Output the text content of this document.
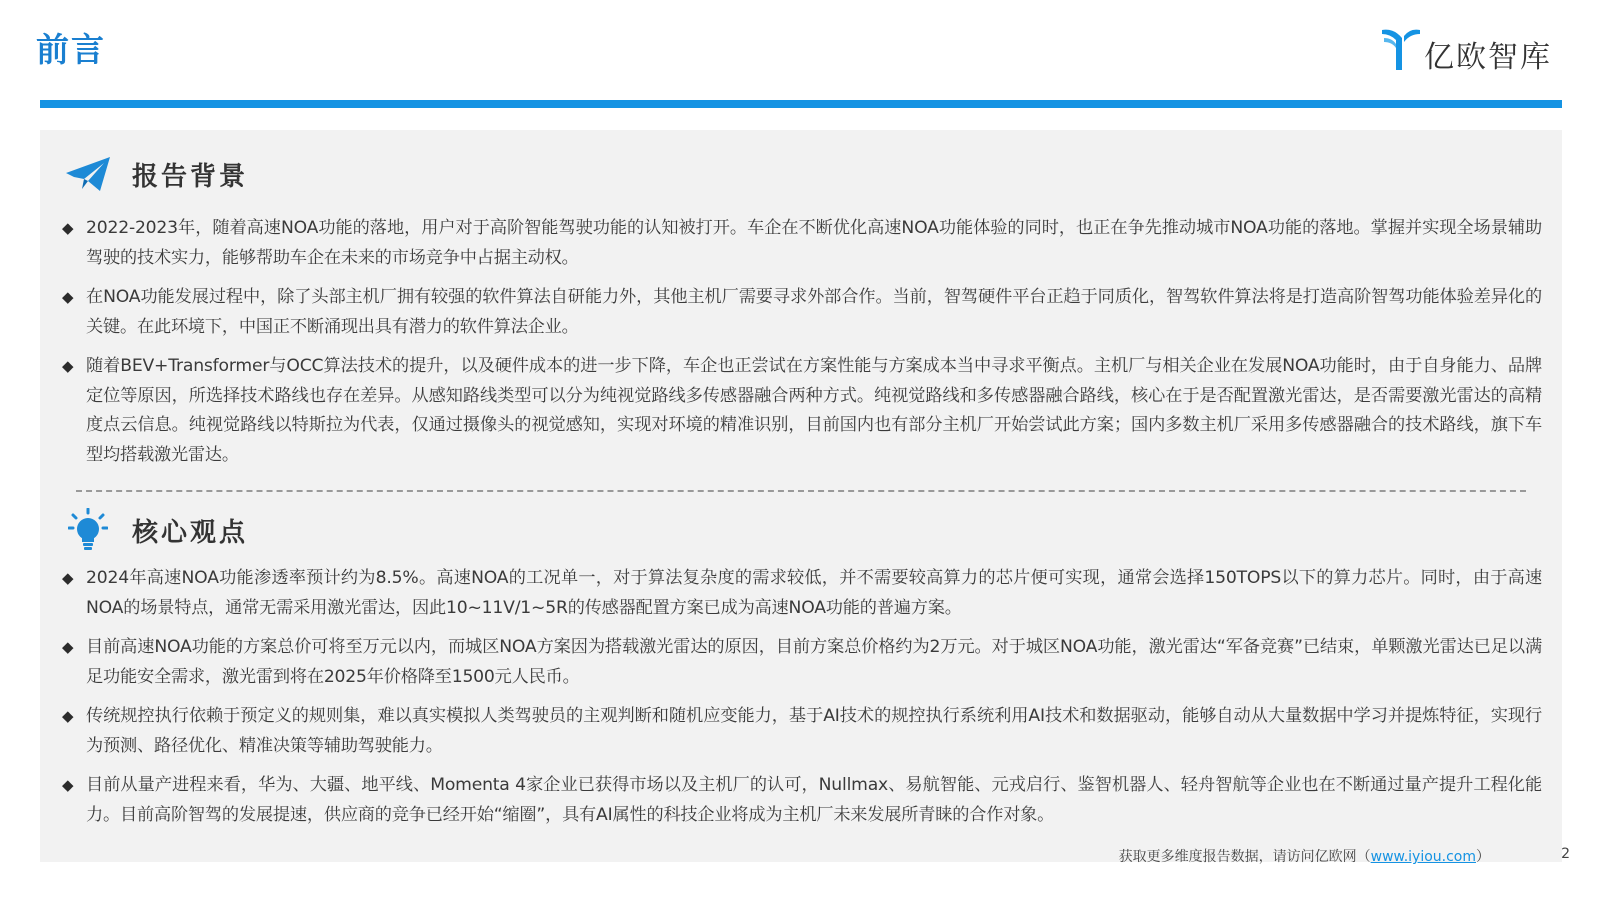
前言	亿欧智库
报告背景
◆ 2022-2023年，随着高速NOA功能的落地，用户对于高阶智能驾驶功能的认知被打开。车企在不断优化高速NOA功能体验的同时，也正在争先推动城市NOA功能的落地。掌握并实现全场景辅助驾驶的技术实力，能够帮助车企在未来的市场竞争中占据主动权。
◆ 在NOA功能发展过程中，除了头部主机厂拥有较强的软件算法自研能力外，其他主机厂需要寻求外部合作。当前，智驾硬件平台正趋于同质化，智驾软件算法将是打造高阶智驾功能体验差异化的关键。在此环境下，中国正不断涌现出具有潜力的软件算法企业。
◆ 随着BEV+Transformer与OCC算法技术的提升，以及硬件成本的进一步下降，车企也正尝试在方案性能与方案成本当中寻求平衡点。主机厂与相关企业在发展NOA功能时，由于自身能力、品牌定位等原因，所选择技术路线也存在差异。从感知路线类型可以分为纯视觉路线多传感器融合两种方式。纯视觉路线和多传感器融合路线，核心在于是否配置激光雷达，是否需要激光雷达的高精度点云信息。纯视觉路线以特斯拉为代表，仅通过摄像头的视觉感知，实现对环境的精准识别，目前国内也有部分主机厂开始尝试此方案；国内多数主机厂采用多传感器融合的技术路线，旗下车型均搭载激光雷达。
核心观点
◆ 2024年高速NOA功能渗透率预计约为8.5%。高速NOA的工况单一，对于算法复杂度的需求较低，并不需要较高算力的芯片便可实现，通常会选择150TOPS以下的算力芯片。同时，由于高速NOA的场景特点，通常无需采用激光雷达，因此10~11V/1~5R的传感器配置方案已成为高速NOA功能的普遍方案。
◆ 目前高速NOA功能的方案总价可将至万元以内，而城区NOA方案因为搭载激光雷达的原因，目前方案总价格约为2万元。对于城区NOA功能，激光雷达“军备竞赛”已结束，单颗激光雷达已足以满足功能安全需求，激光雷到将在2025年价格降至1500元人民币。
◆ 传统规控执行依赖于预定义的规则集，难以真实模拟人类驾驶员的主观判断和随机应变能力，基于AI技术的规控执行系统利用AI技术和数据驱动，能够自动从大量数据中学习并提炼特征，实现行为预测、路径优化、精准决策等辅助驾驶能力。
◆ 目前从量产进程来看，华为、大疆、地平线、Momenta 4家企业已获得市场以及主机厂的认可，Nullmax、易航智能、元戎启行、鉴智机器人、轻舟智航等企业也在不断通过量产提升工程化能力。目前高阶智驾的发展提速，供应商的竞争已经开始“缩圈”，具有AI属性的科技企业将成为主机厂未来发展所青睐的合作对象。
获取更多维度报告数据，请访问亿欧网（www.iyiou.com）	2
